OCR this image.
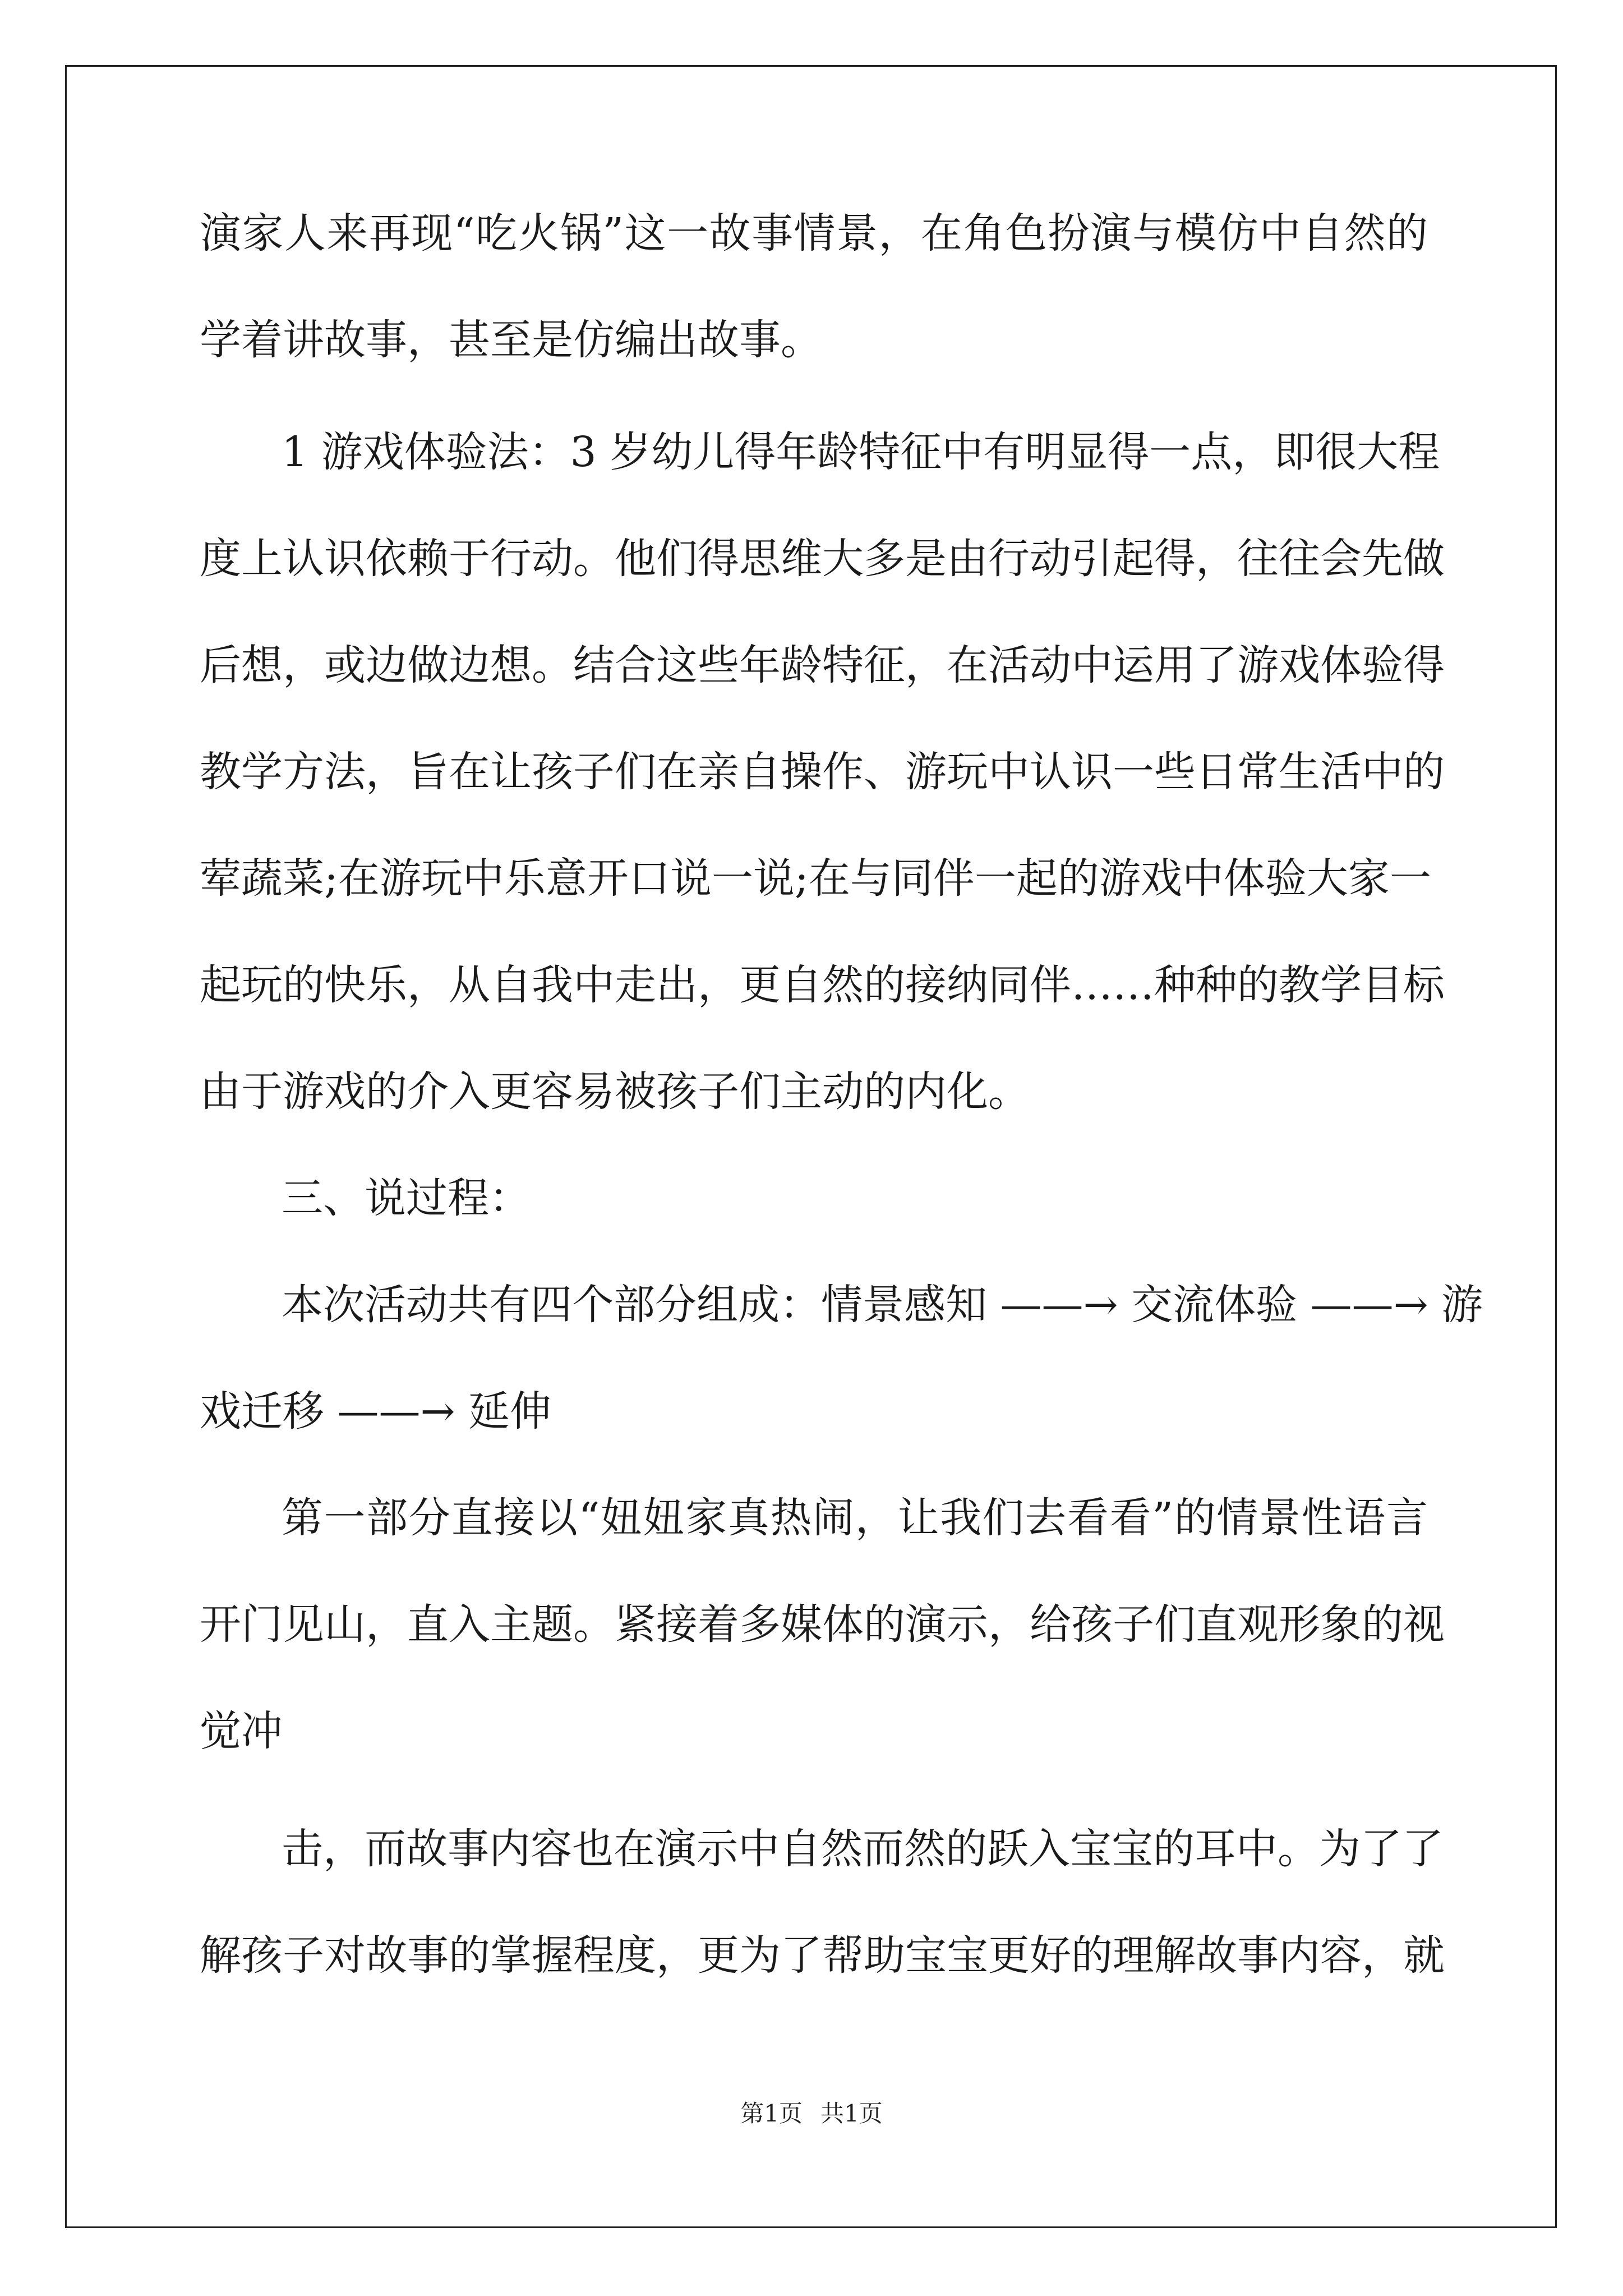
演家人来再现“吃火锅”这一故事情景，在角色扮演与模仿中自然的
学着讲故事，甚至是仿编出故事。
1 游戏体验法：3 岁幼儿得年龄特征中有明显得一点，即很大程
度上认识依赖于行动。他们得思维大多是由行动引起得，往往会先做
后想，或边做边想。结合这些年龄特征，在活动中运用了游戏体验得
教学方法，旨在让孩子们在亲自操作、游玩中认识一些日常生活中的
荤蔬菜;在游玩中乐意开口说一说;在与同伴一起的游戏中体验大家一
起玩的快乐，从自我中走出，更自然的接纳同伴……种种的教学目标
由于游戏的介入更容易被孩子们主动的内化。
三、说过程：
本次活动共有四个部分组成：情景感知 ——→ 交流体验 ——→ 游
戏迁移 ——→ 延伸
第一部分直接以“妞妞家真热闹，让我们去看看”的情景性语言
开门见山，直入主题。紧接着多媒体的演示，给孩子们直观形象的视
觉冲
击，而故事内容也在演示中自然而然的跃入宝宝的耳中。为了了
解孩子对故事的掌握程度，更为了帮助宝宝更好的理解故事内容，就
第1页 共1页
